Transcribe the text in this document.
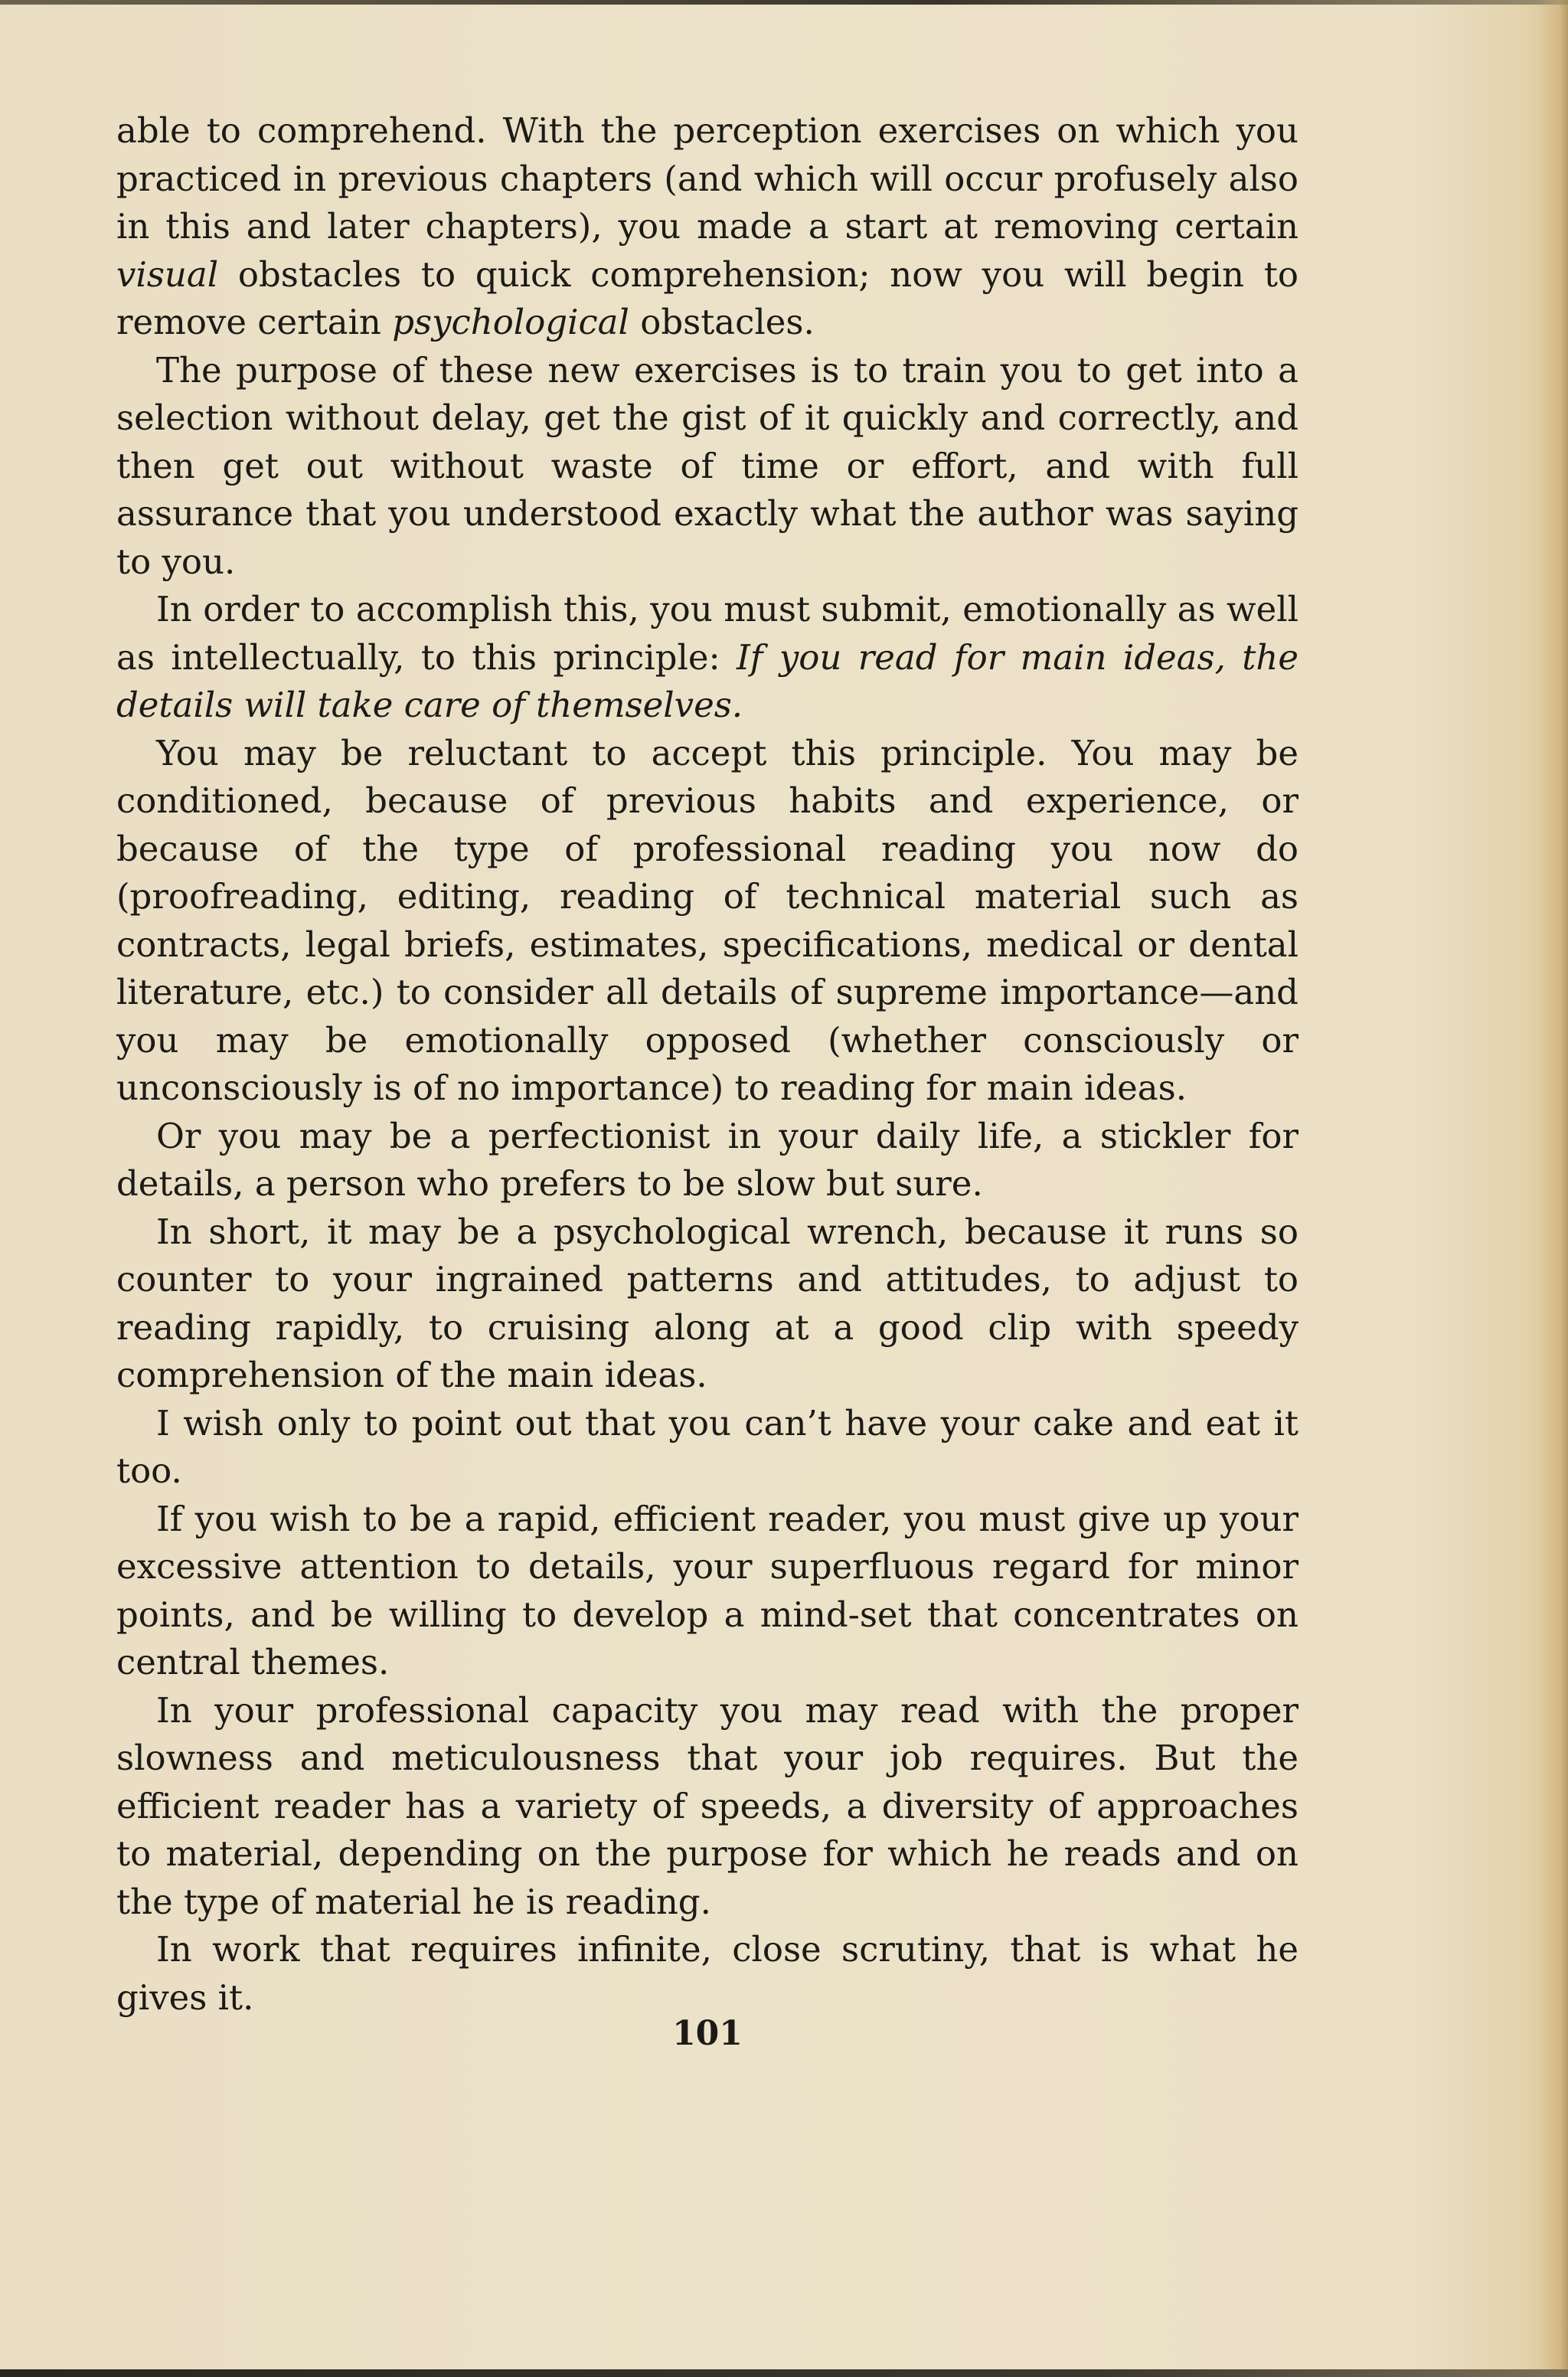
able to comprehend. With the perception exercises on which you practiced in previous chapters (and which will occur profusely also in this and later chapters), you made a start at removing certain visual obstacles to quick comprehension; now you will begin to remove certain psychological obstacles.

The purpose of these new exercises is to train you to get into a selection without delay, get the gist of it quickly and correctly, and then get out without waste of time or effort, and with full assurance that you understood exactly what the author was saying to you.

In order to accomplish this, you must submit, emotionally as well as intellectually, to this principle: If you read for main ideas, the details will take care of themselves.

You may be reluctant to accept this principle. You may be conditioned, because of previous habits and experience, or because of the type of professional reading you now do (proofreading, editing, reading of technical material such as contracts, legal briefs, estimates, specifications, medical or dental literature, etc.) to consider all details of supreme importance—and you may be emotionally opposed (whether consciously or unconsciously is of no importance) to reading for main ideas.

Or you may be a perfectionist in your daily life, a stickler for details, a person who prefers to be slow but sure.

In short, it may be a psychological wrench, because it runs so counter to your ingrained patterns and attitudes, to adjust to reading rapidly, to cruising along at a good clip with speedy comprehension of the main ideas.

I wish only to point out that you can’t have your cake and eat it too.

If you wish to be a rapid, efficient reader, you must give up your excessive attention to details, your superfluous regard for minor points, and be willing to develop a mind-set that concentrates on central themes.

In your professional capacity you may read with the proper slowness and meticulousness that your job requires. But the efficient reader has a variety of speeds, a diversity of approaches to material, depending on the purpose for which he reads and on the type of material he is reading.

In work that requires infinite, close scrutiny, that is what he gives it.

101
